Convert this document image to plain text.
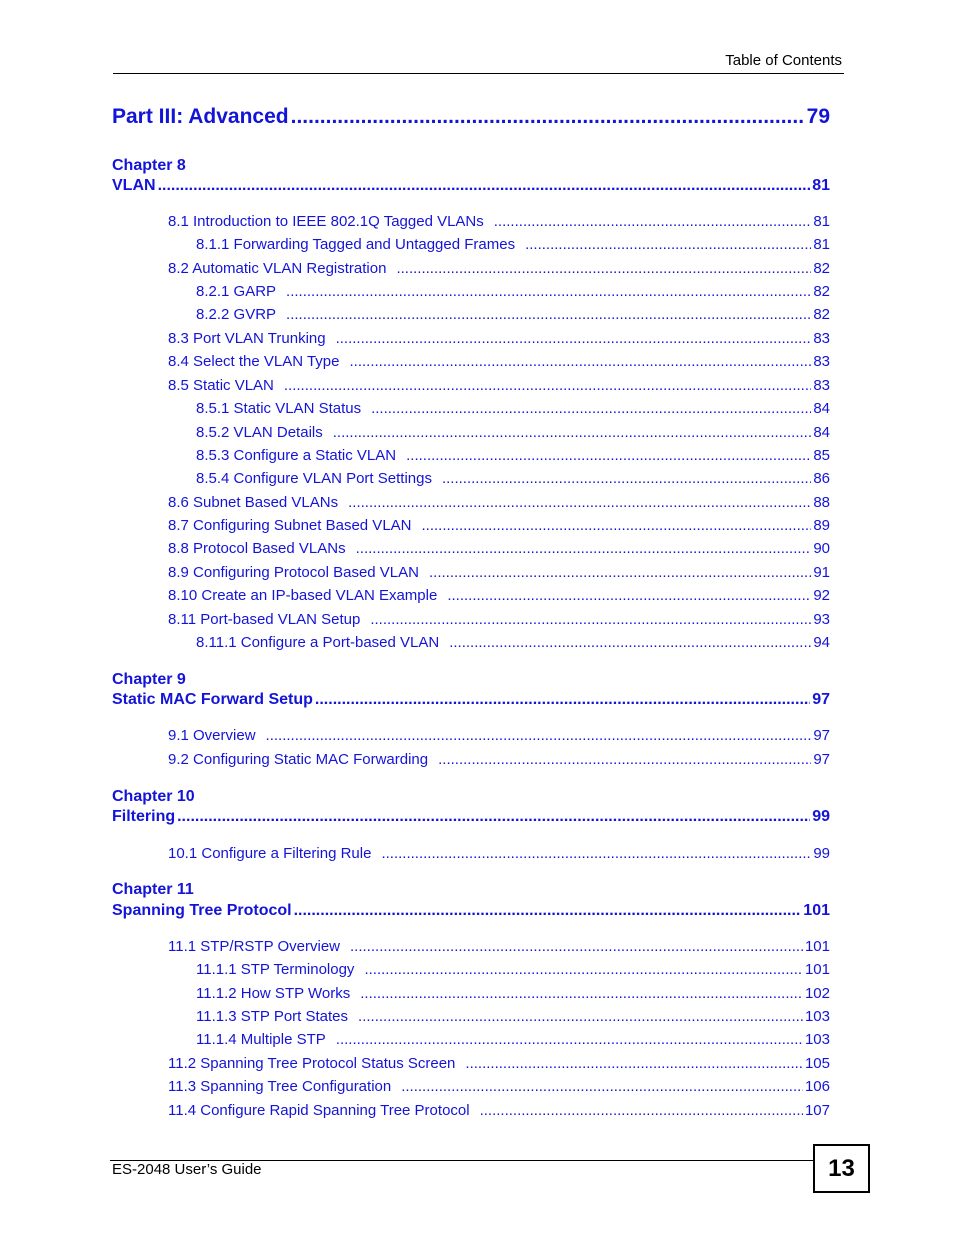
Table of Contents
Part III: Advanced .....	79
Chapter 8
VLAN .....	81
8.1 Introduction to IEEE 802.1Q Tagged VLANs .....	81
8.1.1 Forwarding Tagged and Untagged Frames .....	81
8.2 Automatic VLAN Registration .....	82
8.2.1 GARP .....	82
8.2.2 GVRP .....	82
8.3 Port VLAN Trunking .....	83
8.4 Select the VLAN Type .....	83
8.5 Static VLAN .....	83
8.5.1 Static VLAN Status .....	84
8.5.2 VLAN Details .....	84
8.5.3 Configure a Static VLAN .....	85
8.5.4 Configure VLAN Port Settings .....	86
8.6 Subnet Based VLANs .....	88
8.7 Configuring Subnet Based VLAN .....	89
8.8 Protocol Based VLANs .....	90
8.9 Configuring Protocol Based VLAN .....	91
8.10 Create an IP-based VLAN Example .....	92
8.11 Port-based VLAN Setup .....	93
8.11.1 Configure a Port-based VLAN .....	94
Chapter 9
Static MAC Forward Setup .....	97
9.1 Overview .....	97
9.2 Configuring Static MAC Forwarding .....	97
Chapter 10
Filtering .....	99
10.1 Configure a Filtering Rule .....	99
Chapter 11
Spanning Tree Protocol .....	101
11.1 STP/RSTP Overview .....	101
11.1.1 STP Terminology .....	101
11.1.2 How STP Works .....	102
11.1.3 STP Port States .....	103
11.1.4 Multiple STP .....	103
11.2 Spanning Tree Protocol Status Screen .....	105
11.3 Spanning Tree Configuration .....	106
11.4 Configure Rapid Spanning Tree Protocol .....	107
ES-2048 User’s Guide	13
